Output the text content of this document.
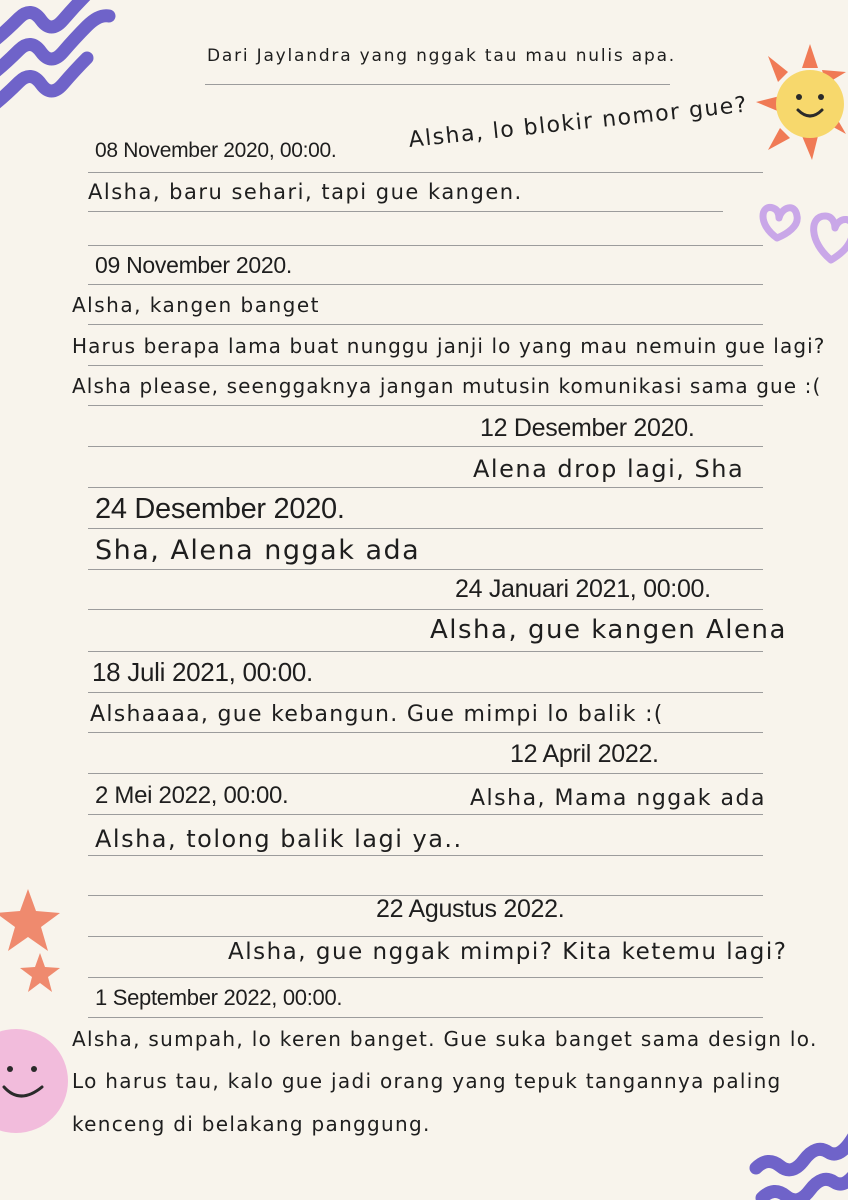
Dari Jaylandra yang nggak tau mau nulis apa.
Alsha, lo blokir nomor gue?
08 November 2020, 00:00.
Alsha, baru sehari, tapi gue kangen.
09 November 2020.
Alsha, kangen banget
Harus berapa lama buat nunggu janji lo yang mau nemuin gue lagi?
Alsha please, seenggaknya jangan mutusin komunikasi sama gue :(
12 Desember 2020.
Alena drop lagi, Sha
24 Desember 2020.
Sha, Alena nggak ada
24 Januari 2021, 00:00.
Alsha, gue kangen Alena
18 Juli 2021, 00:00.
Alshaaaa, gue kebangun. Gue mimpi lo balik :(
12 April 2022.
Alsha, Mama nggak ada
2 Mei 2022, 00:00.
Alsha, tolong balik lagi ya..
22 Agustus 2022.
Alsha, gue nggak mimpi? Kita ketemu lagi?
1 September 2022, 00:00.
Alsha, sumpah, lo keren banget. Gue suka banget sama design lo.
Lo harus tau, kalo gue jadi orang yang tepuk tangannya paling
kenceng di belakang panggung.
